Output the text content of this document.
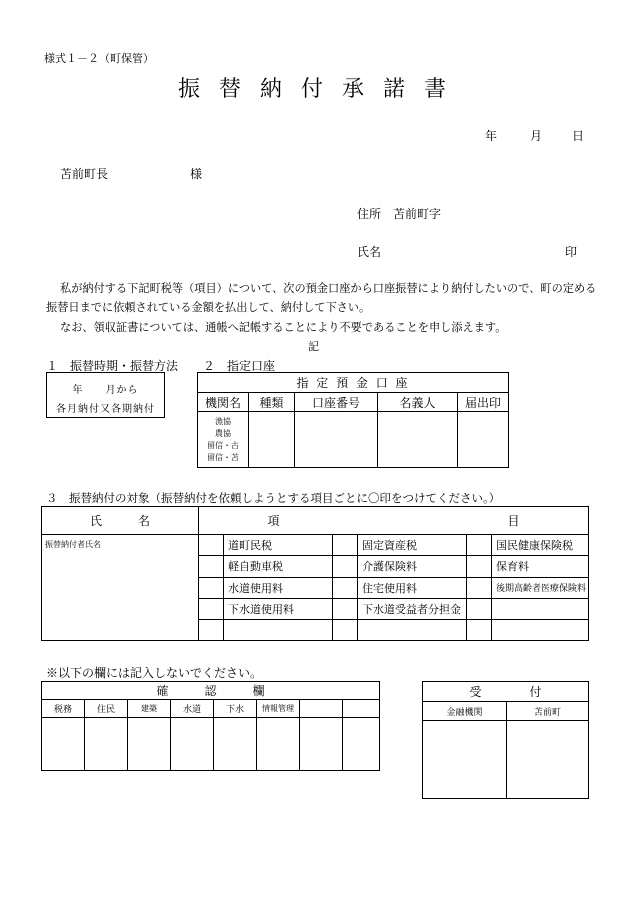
様式１－２（町保管）
振 替 納 付 承 諾 書
年	月 日
苫前町長	様
住所　苫前町字
氏名	印
私が納付する下記町税等（項目）について、次の預金口座から口座振替により納付したいので、町の定める
振替日までに依頼されている金額を払出して、納付して下さい。
なお、領収証書については、通帳へ記帳することにより不要であることを申し添えます。
記
１　振替時期・振替方法
年　　月から
各月納付又各期納付
２　指定口座
指 定 預 金 口 座				
機関名	種類	口座番号	名義人	届出印

漁協
農協
留信・古
留信・苫				

３　振替納付の対象（振替納付を依頼しようとする項目ごとに〇印をつけてください。）
氏　　　名	項　　　　　　　　　　　　　　　　　　　目					
振替納付者氏名		道町民税		固定資産税		国民健康保険税
		軽自動車税		介護保険料		保育料
		水道使用料		住宅使用料		後期高齢者医療保険料
		下水道使用料		下水道受益者分担金		

※以下の欄には記入しないでください。
確　　　認　　　欄							
税務	住民	建築	水道	下水	情報管理		

受　　　　付	
金融機関	苫前町
